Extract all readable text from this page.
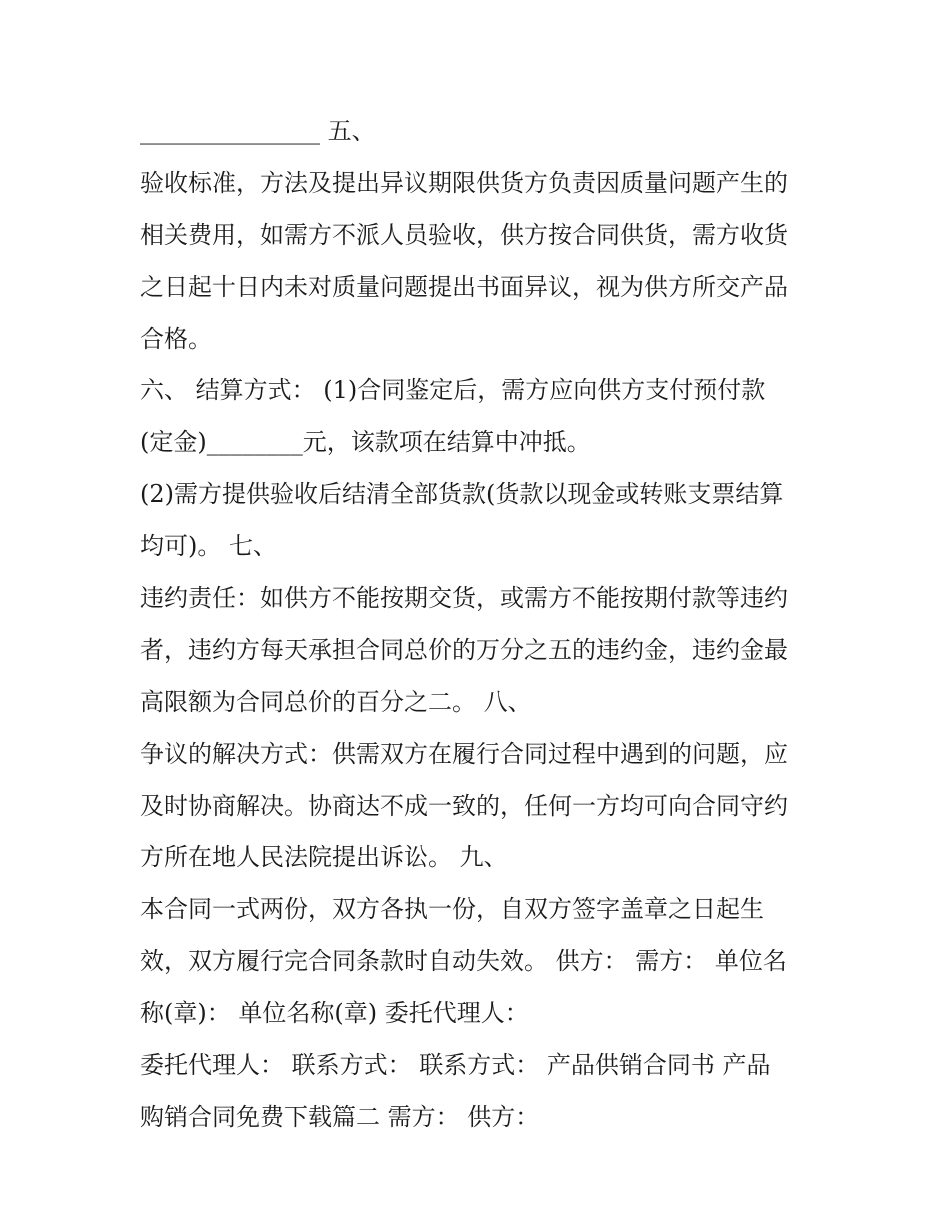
_______________ 五、
验收标准，方法及提出异议期限供货方负责因质量问题产生的
相关费用，如需方不派人员验收，供方按合同供货，需方收货
之日起十日内未对质量问题提出书面异议，视为供方所交产品
合格。
六、 结算方式： (1)合同鉴定后，需方应向供方支付预付款
(定金)________元，该款项在结算中冲抵。
(2)需方提供验收后结清全部货款(货款以现金或转账支票结算
均可)。 七、
违约责任：如供方不能按期交货，或需方不能按期付款等违约
者，违约方每天承担合同总价的万分之五的违约金，违约金最
高限额为合同总价的百分之二。 八、
争议的解决方式：供需双方在履行合同过程中遇到的问题，应
及时协商解决。协商达不成一致的，任何一方均可向合同守约
方所在地人民法院提出诉讼。 九、
本合同一式两份，双方各执一份，自双方签字盖章之日起生
效，双方履行完合同条款时自动失效。 供方： 需方： 单位名
称(章)： 单位名称(章) 委托代理人：
委托代理人： 联系方式： 联系方式： 产品供销合同书 产品
购销合同免费下载篇二 需方： 供方：
